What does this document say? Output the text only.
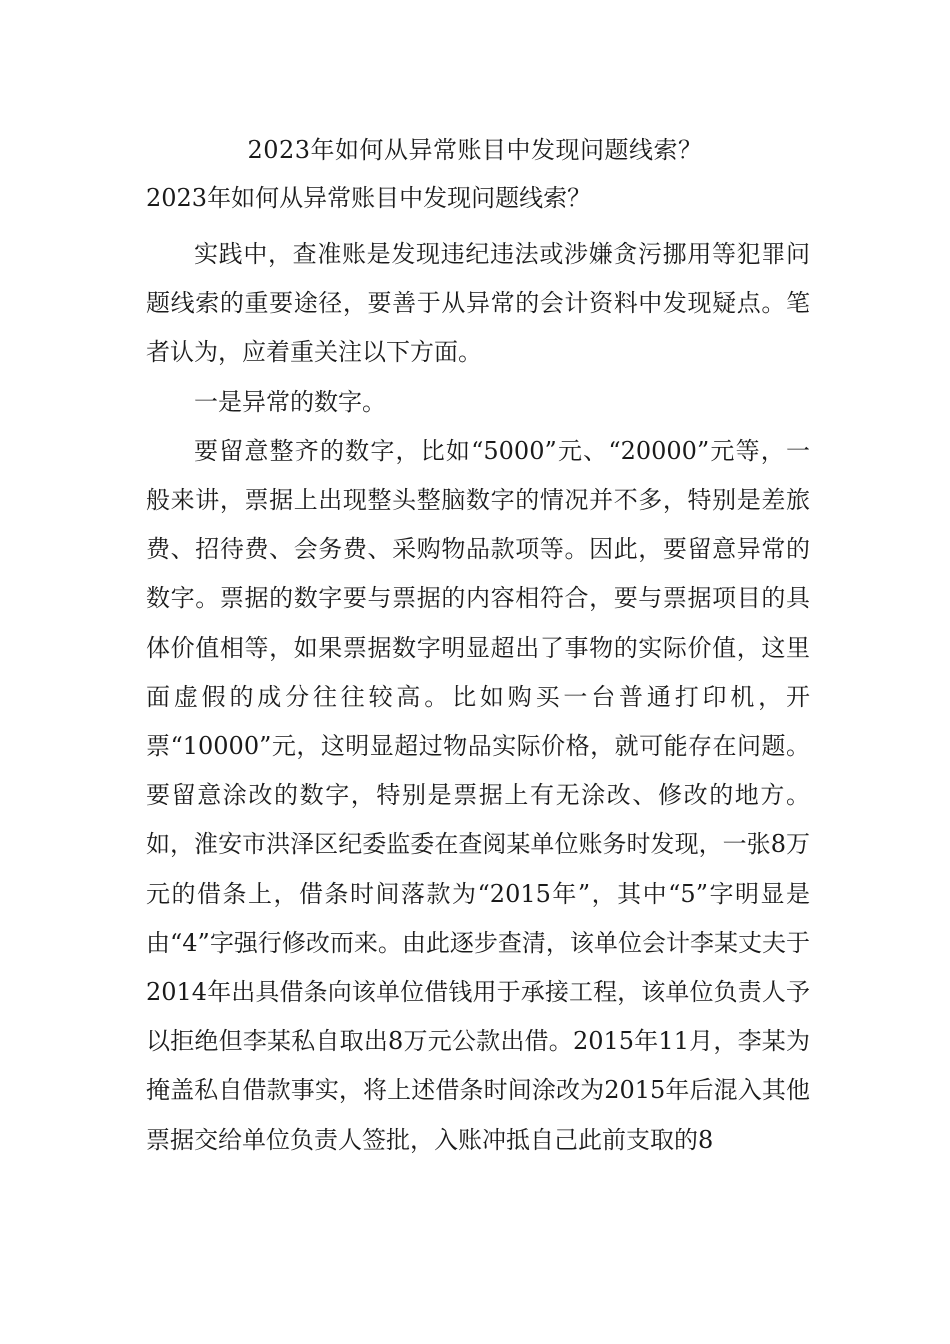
2023年如何从异常账目中发现问题线索？
2023年如何从异常账目中发现问题线索？

实践中，查准账是发现违纪违法或涉嫌贪污挪用等犯罪问题线索的重要途径，要善于从异常的会计资料中发现疑点。笔者认为，应着重关注以下方面。

一是异常的数字。

要留意整齐的数字，比如“5000”元、“20000”元等，一般来讲，票据上出现整头整脑数字的情况并不多，特别是差旅费、招待费、会务费、采购物品款项等。因此，要留意异常的数字。票据的数字要与票据的内容相符合，要与票据项目的具体价值相等，如果票据数字明显超出了事物的实际价值，这里面虚假的成分往往较高。比如购买一台普通打印机，开票“10000”元，这明显超过物品实际价格，就可能存在问题。要留意涂改的数字，特别是票据上有无涂改、修改的地方。如，淮安市洪泽区纪委监委在查阅某单位账务时发现，一张8万元的借条上，借条时间落款为“2015年”，其中“5”字明显是由“4”字强行修改而来。由此逐步查清，该单位会计李某丈夫于2014年出具借条向该单位借钱用于承接工程，该单位负责人予以拒绝但李某私自取出8万元公款出借。2015年11月，李某为掩盖私自借款事实，将上述借条时间涂改为2015年后混入其他票据交给单位负责人签批，入账冲抵自己此前支取的8
